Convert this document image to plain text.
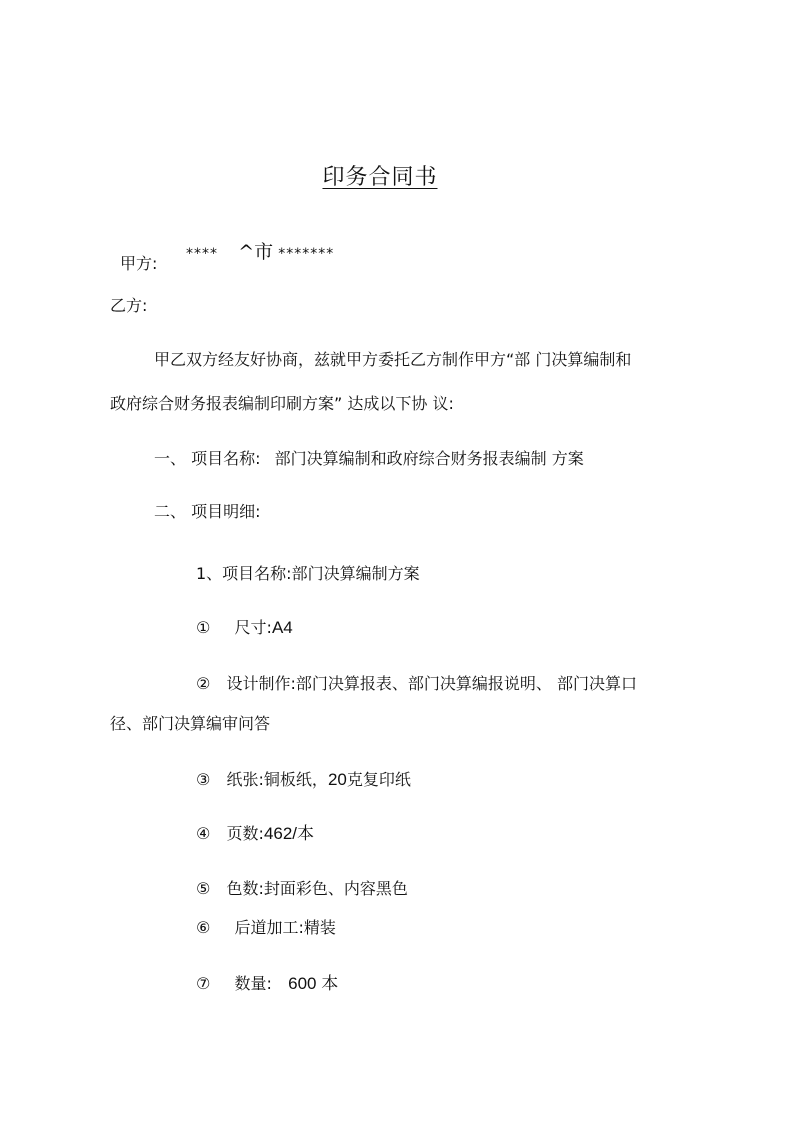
印务合同书
甲方: **** ^市 *******
乙方:
甲乙双方经友好协商，兹就甲方委托乙方制作甲方“部 门决算编制和
政府综合财务报表编制印刷方案” 达成以下协 议:
一、 项目名称: 部门决算编制和政府综合财务报表编制 方案
二、 项目明细:
1、项目名称:部门决算编制方案
① 尺寸:A4
② 设计制作:部门决算报表、部门决算编报说明、 部门决算口
径、部门决算编审问答
③ 纸张:铜板纸，20克复印纸
④ 页数:462/本
⑤ 色数:封面彩色、内容黑色
⑥ 后道加工:精装
⑦ 数量: 600 本
